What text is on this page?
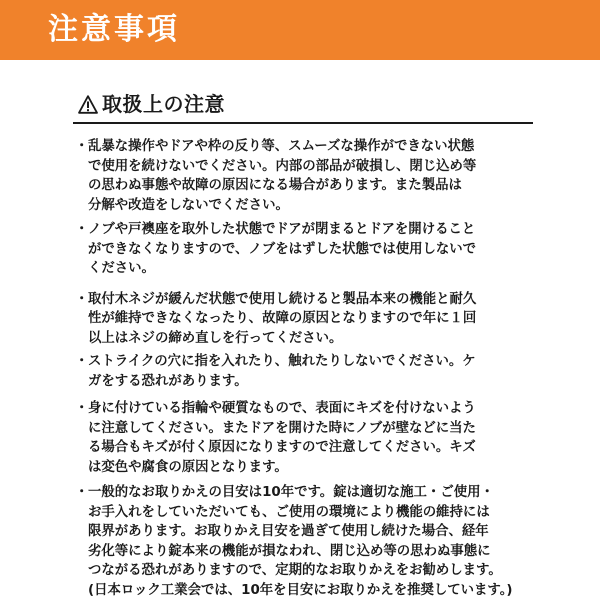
注意事項
取扱上の注意
・ 乱暴な操作やドアや枠の反り等、スムーズな操作ができない状態
で使用を続けないでください。内部の部品が破損し、閉じ込め等
の思わぬ事態や故障の原因になる場合があります。また製品は
分解や改造をしないでください。
・ ノブや戸襖座を取外した状態でドアが閉まるとドアを開けること
ができなくなりますので、ノブをはずした状態では使用しないで
ください。
・ 取付木ネジが緩んだ状態で使用し続けると製品本来の機能と耐久
性が維持できなくなったり、故障の原因となりますので年に１回
以上はネジの締め直しを行ってください。
・ ストライクの穴に指を入れたり、触れたりしないでください。ケ
ガをする恐れがあります。
・ 身に付けている指輪や硬質なもので、表面にキズを付けないよう
に注意してください。またドアを開けた時にノブが壁などに当た
る場合もキズが付く原因になりますので注意してください。キズ
は変色や腐食の原因となります。
・ 一般的なお取りかえの目安は10年です。錠は適切な施工・ご使用・
お手入れをしていただいても、ご使用の環境により機能の維持には
限界があります。お取りかえ目安を過ぎて使用し続けた場合、経年
劣化等により錠本来の機能が損なわれ、閉じ込め等の思わぬ事態に
つながる恐れがありますので、定期的なお取りかえをお勧めします。
(日本ロック工業会では、10年を目安にお取りかえを推奨しています。)
